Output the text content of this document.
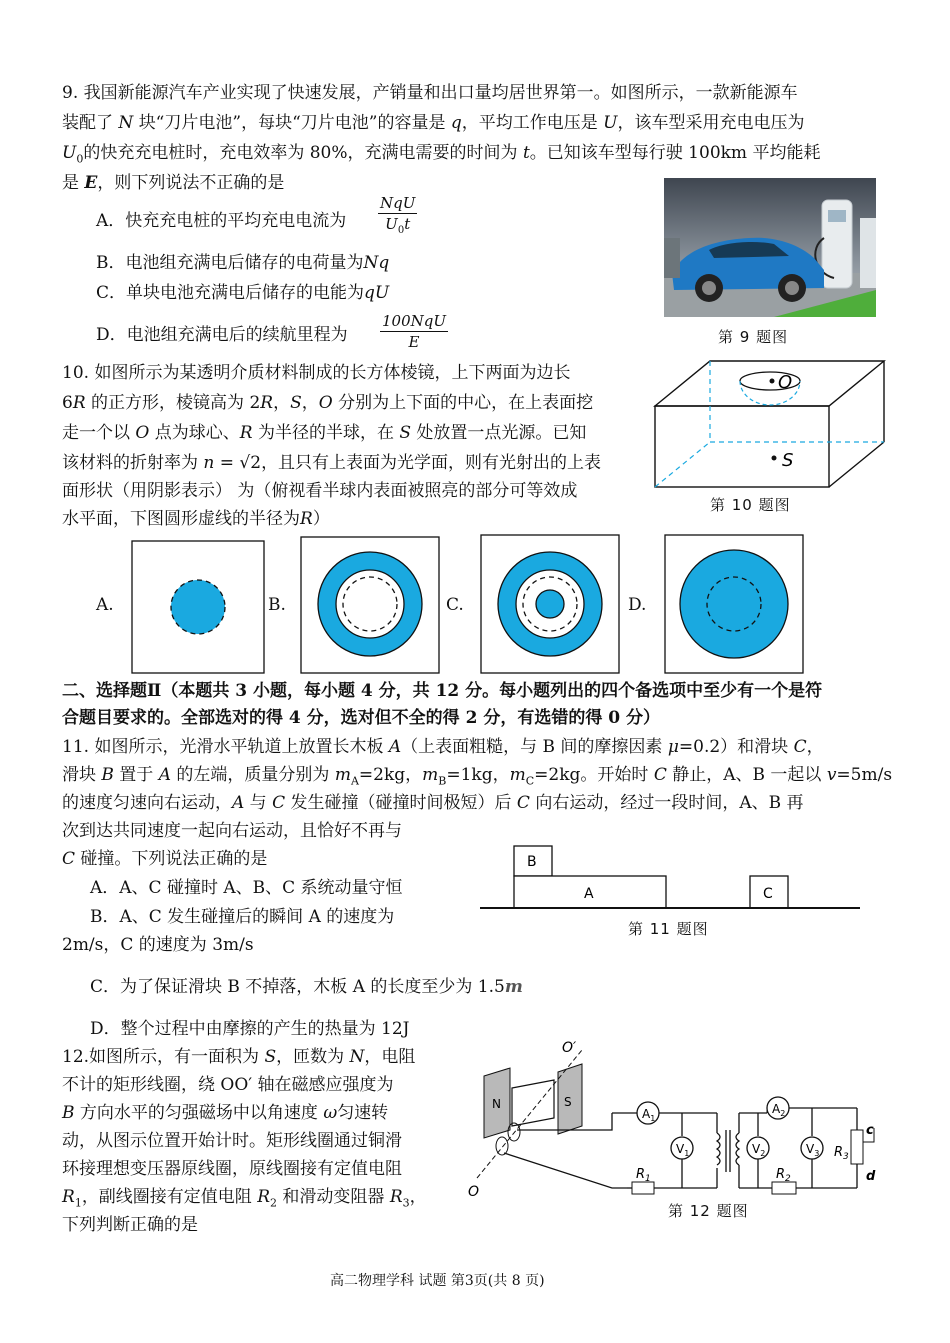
9. 我国新能源汽车产业实现了快速发展，产销量和出口量均居世界第一。如图所示，一款新能源车
装配了 N 块“刀片电池”，每块“刀片电池”的容量是 q，平均工作电压是 U，该车型采用充电电压为
$U_0$的快充充电桩时，充电效率为 80%，充满电需要的时间为 t。已知该车型每行驶 100km 平均能耗
是 E，则下列说法不正确的是
A．快充充电桩的平均充电电流为
NqU
$U_0t$
B．电池组充满电后储存的电荷量为Nq
C．单块电池充满电后储存的电能为qU
D．电池组充满电后的续航里程为
100NqU
E	第 9 题图
10. 如图所示为某透明介质材料制成的长方体棱镜，上下两面为边长
6R 的正方形，棱镜高为 2R，S，O 分别为上下面的中心，在上表面挖
走一个以 O 点为球心、R 为半径的半球，在 S 处放置一点光源。已知
该材料的折射率为 n = √2，且只有上表面为光学面，则有光射出的上表
面形状（用阴影表示） 为（俯视看半球内表面被照亮的部分可等效成
水平面，下图圆形虚线的半径为R）
O
S
第 10 题图
A.	B.	C.	D.
二、选择题Ⅱ（本题共 3 小题，每小题 4 分，共 12 分。每小题列出的四个备选项中至少有一个是符
合题目要求的。全部选对的得 4 分，选对但不全的得 2 分，有选错的得 0 分）
11. 如图所示，光滑水平轨道上放置长木板 A（上表面粗糙，与 B 间的摩擦因素 μ=0.2）和滑块 C，
滑块 B 置于 A 的左端，质量分别为 $m_A=2kg$，$m_B=1kg$，$m_C=2kg$。开始时 C 静止，A、B 一起以 v=5m/s
的速度匀速向右运动，A 与 C 发生碰撞（碰撞时间极短）后 C 向右运动，经过一段时间，A、B 再
次到达共同速度一起向右运动，且恰好不再与
C 碰撞。下列说法正确的是
A．A、C 碰撞时 A、B、C 系统动量守恒
B．A、C 发生碰撞后的瞬间 A 的速度为
2m/s，C 的速度为 3m/s
C．为了保证滑块 B 不掉落，木板 A 的长度至少为 1.5m
D．整个过程中由摩擦的产生的热量为 12J
B
A	C
第 11 题图
12.如图所示，有一面积为 S，匝数为 N，电阻
不计的矩形线圈，绕 OO′ 轴在磁感应强度为
B 方向水平的匀强磁场中以角速度 ω匀速转
动，从图示位置开始计时。矩形线圈通过铜滑
环接理想变压器原线圈，原线圈接有定值电阻
$R_1$，副线圈接有定值电阻 $R_2$ 和滑动变阻器 $R_3$，
下列判断正确的是
N	S
O′
O
$A_1$
$R_1$
$V_1$
$A_2$
$V_2$
$R_2$
$V_3$ $R_3$
c
d
第 12 题图
高二物理学科 试题 第3页(共 8 页)
